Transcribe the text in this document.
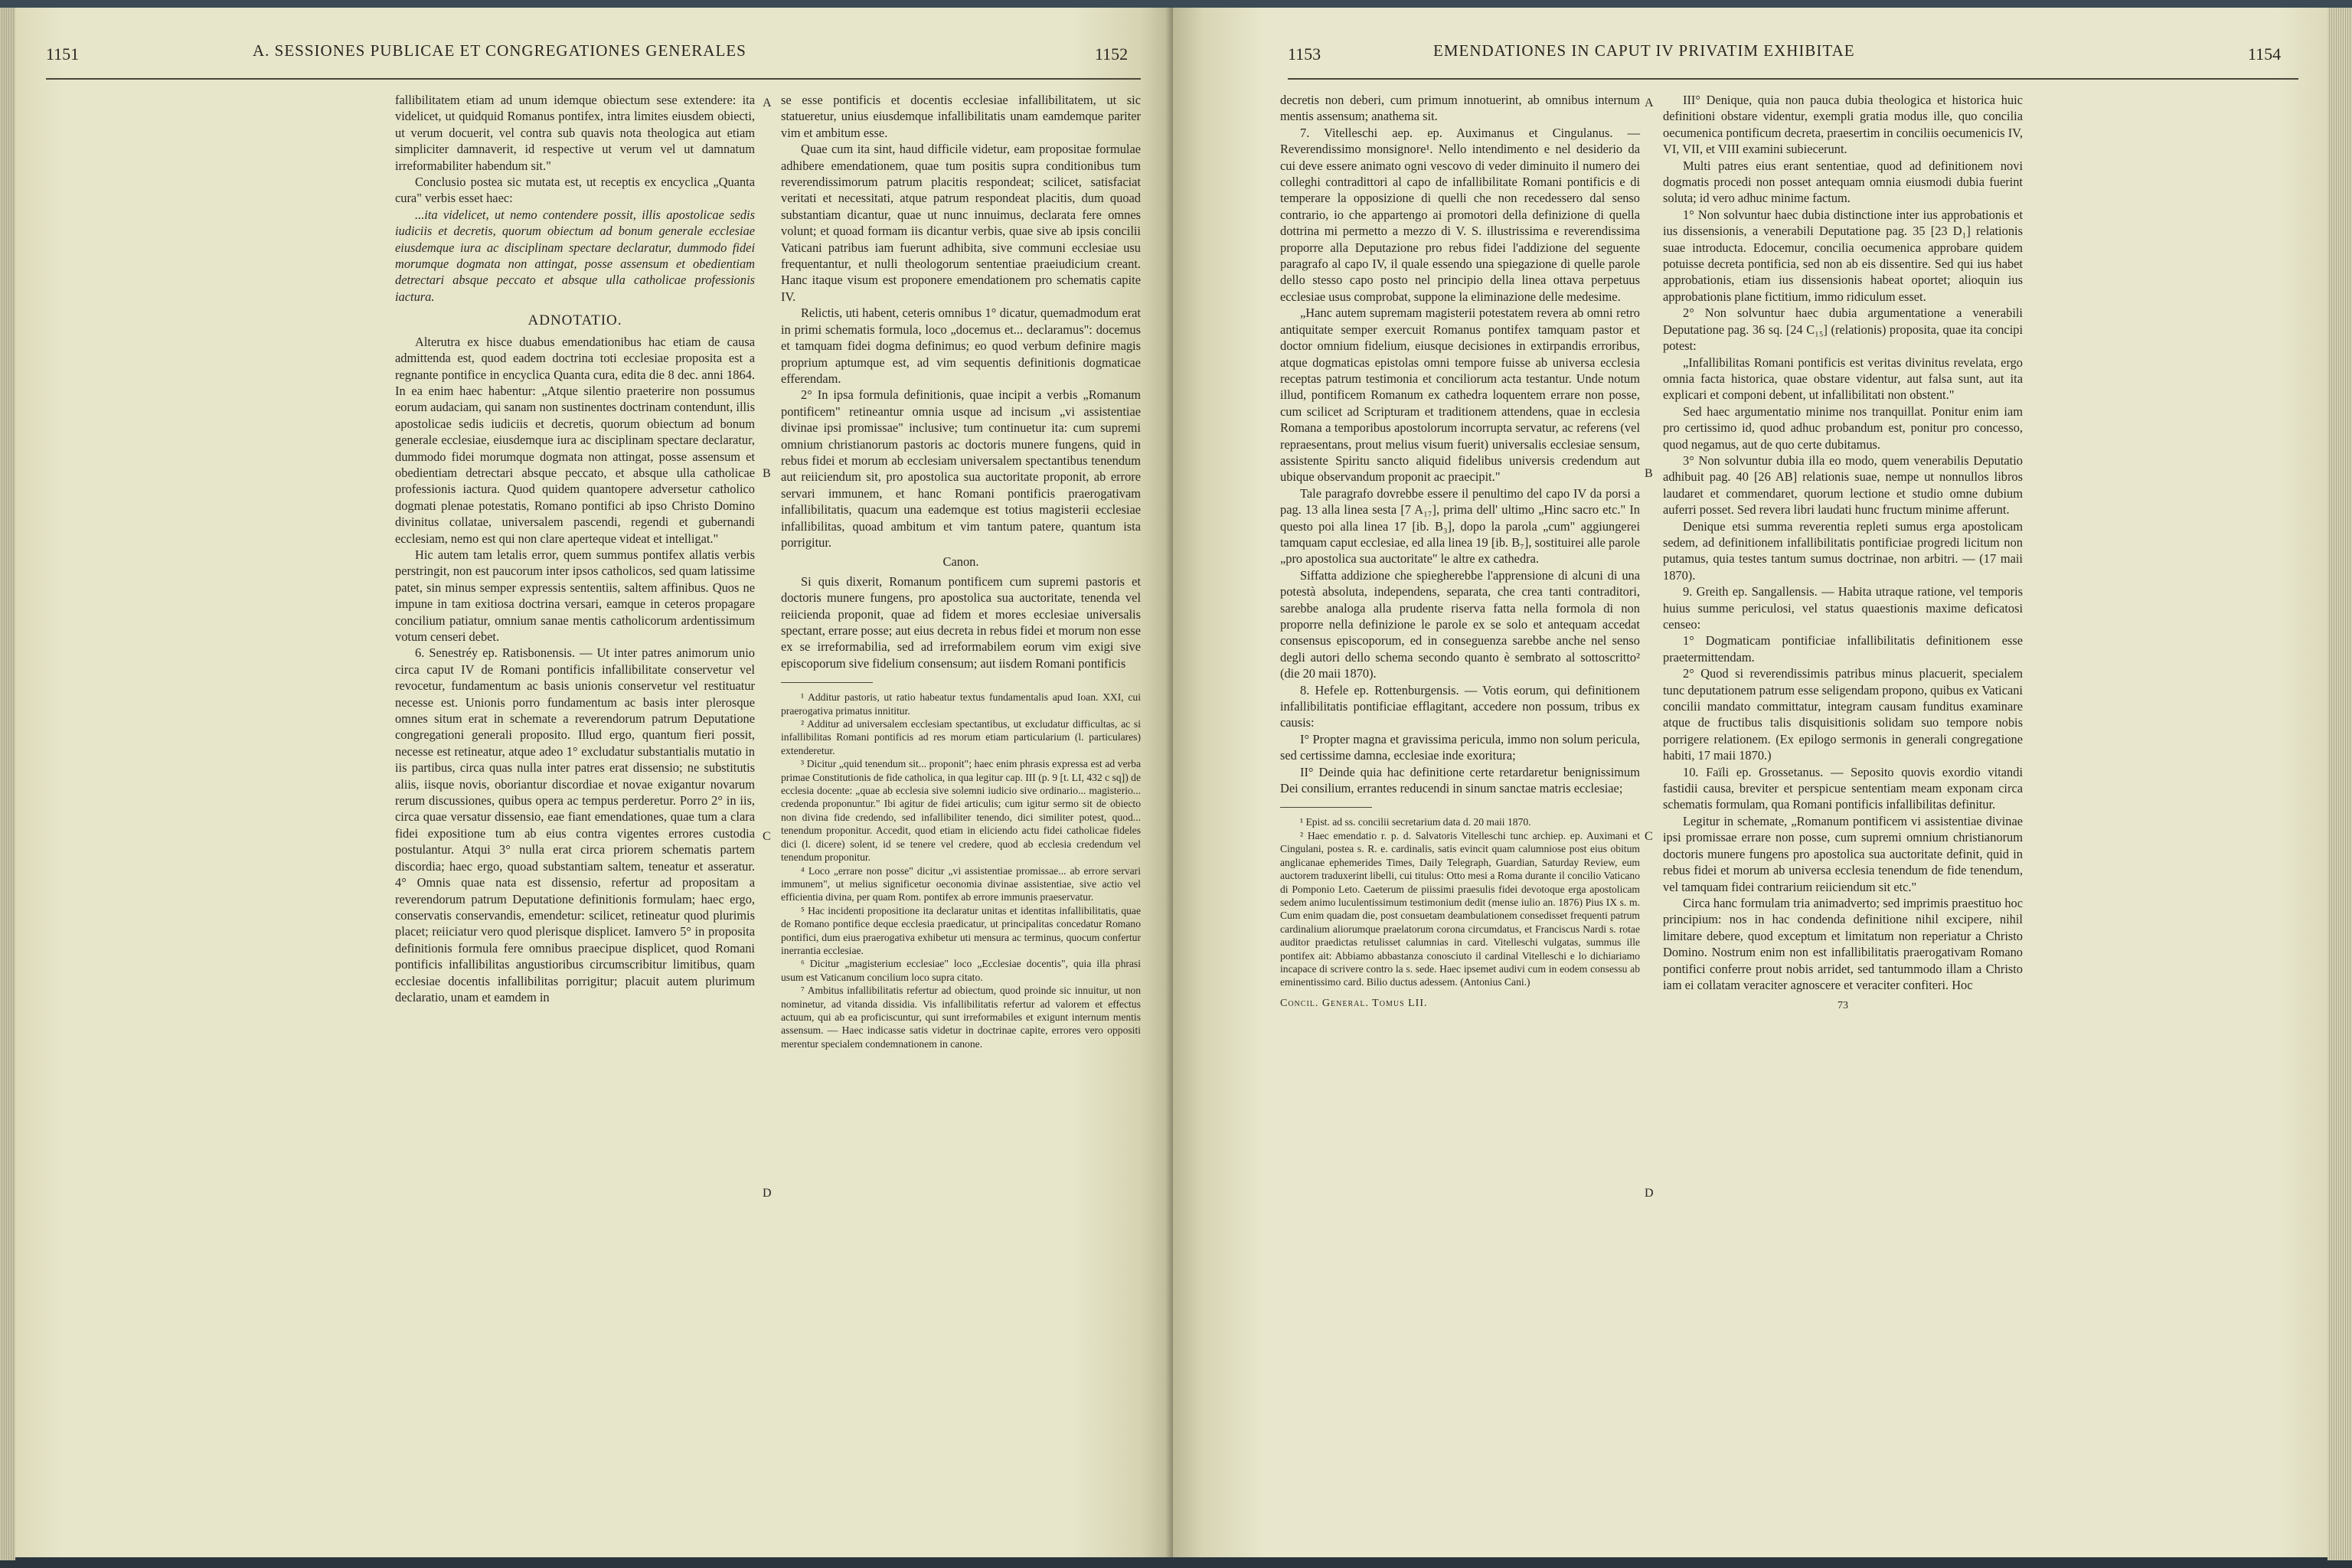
1151	A. SESSIONES PUBLICAE ET CONGREGATIONES GENERALES	1152
A
B
C
D

fallibilitatem etiam ad unum idemque obiectum sese extendere: ita videlicet, ut quidquid Romanus pontifex, intra limites eiusdem obiecti, ut verum docuerit, vel contra sub quavis nota theologica aut etiam simpliciter damnaverit, id respective ut verum vel ut damnatum irreformabiliter habendum sit."

Conclusio postea sic mutata est, ut receptis ex encyclica „Quanta cura" verbis esset haec:

...ita videlicet, ut nemo contendere possit, illis apostolicae sedis iudiciis et decretis, quorum obiectum ad bonum generale ecclesiae eiusdemque iura ac disciplinam spectare declaratur, dummodo fidei morumque dogmata non attingat, posse assensum et obedientiam detrectari absque peccato et absque ulla catholicae professionis iactura.

ADNOTATIO.

Alterutra ex hisce duabus emendationibus hac etiam de causa admittenda est, quod eadem doctrina toti ecclesiae proposita est a regnante pontifice in encyclica Quanta cura, edita die 8 dec. anni 1864. In ea enim haec habentur: „Atque silentio praeterire non possumus eorum audaciam, qui sanam non sustinentes doctrinam contendunt, illis apostolicae sedis iudiciis et decretis, quorum obiectum ad bonum generale ecclesiae, eiusdemque iura ac disciplinam spectare declaratur, dummodo fidei morumque dogmata non attingat, posse assensum et obedientiam detrectari absque peccato, et absque ulla catholicae professionis iactura. Quod quidem quantopere adversetur catholico dogmati plenae potestatis, Romano pontifici ab ipso Christo Domino divinitus collatae, universalem pascendi, regendi et gubernandi ecclesiam, nemo est qui non clare aperteque videat et intelligat."

Hic autem tam letalis error, quem summus pontifex allatis verbis perstringit, non est paucorum inter ipsos catholicos, sed quam latissime patet, sin minus semper expressis sententiis, saltem affinibus. Quos ne impune in tam exitiosa doctrina versari, eamque in ceteros propagare concilium patiatur, omnium sanae mentis catholicorum ardentissimum votum censeri debet.

6. Senestréy ep. Ratisbonensis. — Ut inter patres animorum unio circa caput IV de Romani pontificis infallibilitate conservetur vel revocetur, fundamentum ac basis unionis conservetur vel restituatur necesse est. Unionis porro fundamentum ac basis inter plerosque omnes situm erat in schemate a reverendorum patrum Deputatione congregationi generali proposito. Illud ergo, quantum fieri possit, necesse est retineatur, atque adeo 1° excludatur substantialis mutatio in iis partibus, circa quas nulla inter patres erat dissensio; ne substitutis aliis, iisque novis, oboriantur discordiae et novae exigantur novarum rerum discussiones, quibus opera ac tempus perderetur. Porro 2° in iis, circa quae versatur dissensio, eae fiant emendationes, quae tum a clara fidei expositione tum ab eius contra vigentes errores custodia postulantur. Atqui 3° nulla erat circa priorem schematis partem discordia; haec ergo, quoad substantiam saltem, teneatur et asseratur. 4° Omnis quae nata est dissensio, refertur ad propositam a reverendorum patrum Deputatione definitionis formulam; haec ergo, conservatis conservandis, emendetur: scilicet, retineatur quod plurimis placet; reiiciatur vero quod plerisque displicet. Iamvero 5° in proposita definitionis formula fere omnibus praecipue displicet, quod Romani pontificis infallibilitas angustioribus circumscribitur limitibus, quam ecclesiae docentis infallibilitas porrigitur; placuit autem plurimum declaratio, unam et eamdem in

se esse pontificis et docentis ecclesiae infallibilitatem, ut sic statueretur, unius eiusdemque infallibilitatis unam eamdemque pariter vim et ambitum esse.

Quae cum ita sint, haud difficile videtur, eam propositae formulae adhibere emendationem, quae tum positis supra conditionibus tum reverendissimorum patrum placitis respondeat; scilicet, satisfaciat veritati et necessitati, atque patrum respondeat placitis, dum quoad substantiam dicantur, quae ut nunc innuimus, declarata fere omnes volunt; et quoad formam iis dicantur verbis, quae sive ab ipsis concilii Vaticani patribus iam fuerunt adhibita, sive communi ecclesiae usu frequentantur, et nulli theologorum sententiae praeiudicium creant. Hanc itaque visum est proponere emendationem pro schematis capite IV.

Relictis, uti habent, ceteris omnibus 1° dicatur, quemadmodum erat in primi schematis formula, loco „docemus et... declaramus": docemus et tamquam fidei dogma definimus; eo quod verbum definire magis proprium aptumque est, ad vim sequentis definitionis dogmaticae efferendam.

2° In ipsa formula definitionis, quae incipit a verbis „Romanum pontificem" retineantur omnia usque ad incisum „vi assistentiae divinae ipsi promissae" inclusive; tum continuetur ita: cum supremi omnium christianorum pastoris ac doctoris munere fungens, quid in rebus fidei et morum ab ecclesiam universalem spectantibus tenendum aut reiiciendum sit, pro apostolica sua auctoritate proponit, ab errore servari immunem, et hanc Romani pontificis praerogativam infallibilitatis, quacum una eademque est totius magisterii ecclesiae infallibilitas, quoad ambitum et vim tantum patere, quantum ista porrigitur.

Canon.

Si quis dixerit, Romanum pontificem cum supremi pastoris et doctoris munere fungens, pro apostolica sua auctoritate, tenenda vel reiicienda proponit, quae ad fidem et mores ecclesiae universalis spectant, errare posse; aut eius decreta in rebus fidei et morum non esse ex se irreformabilia, sed ad irreformabilem eorum vim exigi sive episcoporum sive fidelium consensum; aut iisdem Romani pontificis

¹ Additur pastoris, ut ratio habeatur textus fundamentalis apud Ioan. XXI, cui praerogativa primatus innititur.

² Additur ad universalem ecclesiam spectantibus, ut excludatur difficultas, ac si infallibilitas Romani pontificis ad res morum etiam particularium (l. particulares) extenderetur.

³ Dicitur „quid tenendum sit... proponit"; haec enim phrasis expressa est ad verba primae Constitutionis de fide catholica, in qua legitur cap. III (p. 9 [t. LI, 432 c sq]) de ecclesia docente: „quae ab ecclesia sive solemni iudicio sive ordinario... magisterio... credenda proponuntur." Ibi agitur de fidei articulis; cum igitur sermo sit de obiecto non divina fide credendo, sed infallibiliter tenendo, dici similiter potest, quod... tenendum proponitur. Accedit, quod etiam in eliciendo actu fidei catholicae fideles dici (l. dicere) solent, id se tenere vel credere, quod ab ecclesia credendum vel tenendum proponitur.

⁴ Loco „errare non posse" dicitur „vi assistentiae promissae... ab errore servari immunem", ut melius significetur oeconomia divinae assistentiae, sive actio vel efficientia divina, per quam Rom. pontifex ab errore immunis praeservatur.

⁵ Hac incidenti propositione ita declaratur unitas et identitas infallibilitatis, quae de Romano pontifice deque ecclesia praedicatur, ut principalitas concedatur Romano pontifici, dum eius praerogativa exhibetur uti mensura ac terminus, quocum confertur inerrantia ecclesiae.

⁶ Dicitur „magisterium ecclesiae" loco „Ecclesiae docentis", quia illa phrasi usum est Vaticanum concilium loco supra citato.

⁷ Ambitus infallibilitatis refertur ad obiectum, quod proinde sic innuitur, ut non nominetur, ad vitanda dissidia. Vis infallibilitatis refertur ad valorem et effectus actuum, qui ab ea proficiscuntur, qui sunt irreformabiles et exigunt internum mentis assensum. — Haec indicasse satis videtur in doctrinae capite, errores vero oppositi merentur specialem condemnationem in canone.

1153	EMENDATIONES IN CAPUT IV PRIVATIM EXHIBITAE	1154
A
B
C
D

decretis non deberi, cum primum innotuerint, ab omnibus internum mentis assensum; anathema sit.

7. Vitelleschi aep. ep. Auximanus et Cingulanus. — Reverendissimo monsignore¹. Nello intendimento e nel desiderio da cui deve essere animato ogni vescovo di veder diminuito il numero dei colleghi contradittori al capo de infallibilitate Romani pontificis e di temperare la opposizione di quelli che non recedessero dal senso contrario, io che appartengo ai promotori della definizione di quella dottrina mi permetto a mezzo di V. S. illustrissima e reverendissima proporre alla Deputazione pro rebus fidei l'addizione del seguente paragrafo al capo IV, il quale essendo una spiegazione di quelle parole dello stesso capo posto nel principio della linea ottava perpetuus ecclesiae usus comprobat, suppone la eliminazione delle medesime.

„Hanc autem supremam magisterii potestatem revera ab omni retro antiquitate semper exercuit Romanus pontifex tamquam pastor et doctor omnium fidelium, eiusque decisiones in extirpandis erroribus, atque dogmaticas epistolas omni tempore fuisse ab universa ecclesia receptas patrum testimonia et conciliorum acta testantur. Unde notum illud, pontificem Romanum ex cathedra loquentem errare non posse, cum scilicet ad Scripturam et traditionem attendens, quae in ecclesia Romana a temporibus apostolorum incorrupta servatur, ac referens (vel repraesentans, prout melius visum fuerit) universalis ecclesiae sensum, assistente Spiritu sancto aliquid fidelibus universis credendum aut ubique observandum proponit ac praecipit."

Tale paragrafo dovrebbe essere il penultimo del capo IV da porsi a pag. 13 alla linea sesta [7 A₁₇], prima dell' ultimo „Hinc sacro etc." In questo poi alla linea 17 [ib. B₃], dopo la parola „cum" aggiungerei tamquam caput ecclesiae, ed alla linea 19 [ib. B₇], sostituirei alle parole „pro apostolica sua auctoritate" le altre ex cathedra.

Siffatta addizione che spiegherebbe l'apprensione di alcuni di una potestà absoluta, independens, separata, che crea tanti contraditori, sarebbe analoga alla prudente riserva fatta nella formola di non proporre nella definizione le parole ex se solo et antequam accedat consensus episcoporum, ed in conseguenza sarebbe anche nel senso degli autori dello schema secondo quanto è sembrato al sottoscritto² (die 20 maii 1870).

8. Hefele ep. Rottenburgensis. — Votis eorum, qui definitionem infallibilitatis pontificiae efflagitant, accedere non possum, tribus ex causis:

I° Propter magna et gravissima pericula, immo non solum pericula, sed certissime damna, ecclesiae inde exoritura;

II° Deinde quia hac definitione certe retardaretur benignissimum Dei consilium, errantes reducendi in sinum sanctae matris ecclesiae;

¹ Epist. ad ss. concilii secretarium data d. 20 maii 1870.

² Haec emendatio r. p. d. Salvatoris Vitelleschi tunc archiep. ep. Auximani et Cingulani, postea s. R. e. cardinalis, satis evincit quam calumniose post eius obitum anglicanae ephemerides Times, Daily Telegraph, Guardian, Saturday Review, eum auctorem traduxerint libelli, cui titulus: Otto mesi a Roma durante il concilio Vaticano di Pomponio Leto. Caeterum de piissimi praesulis fidei devotoque erga apostolicam sedem animo luculentissimum testimonium dedit (mense iulio an. 1876) Pius IX s. m. Cum enim quadam die, post consuetam deambulationem consedisset frequenti patrum cardinalium aliorumque praelatorum corona circumdatus, et Franciscus Nardi s. rotae auditor praedictas retulisset calumnias in card. Vitelleschi vulgatas, summus ille pontifex ait: Abbiamo abbastanza conosciuto il cardinal Vitelleschi e lo dichiariamo incapace di scrivere contro la s. sede. Haec ipsemet audivi cum in eodem consessu ab eminentissimo card. Bilio ductus adessem. (Antonius Cani.)

Concil. General. Tomus LII.

III° Denique, quia non pauca dubia theologica et historica huic definitioni obstare videntur, exempli gratia modus ille, quo concilia oecumenica pontificum decreta, praesertim in conciliis oecumenicis IV, VI, VII, et VIII examini subiecerunt.

Multi patres eius erant sententiae, quod ad definitionem novi dogmatis procedi non posset antequam omnia eiusmodi dubia fuerint soluta; id vero adhuc minime factum.

1° Non solvuntur haec dubia distinctione inter ius approbationis et ius dissensionis, a venerabili Deputatione pag. 35 [23 D₁] relationis suae introducta. Edocemur, concilia oecumenica approbare quidem potuisse decreta pontificia, sed non ab eis dissentire. Sed qui ius habet approbationis, etiam ius dissensionis habeat oportet; alioquin ius approbationis plane fictitium, immo ridiculum esset.

2° Non solvuntur haec dubia argumentatione a venerabili Deputatione pag. 36 sq. [24 C₁₅] (relationis) proposita, quae ita concipi potest:

„Infallibilitas Romani pontificis est veritas divinitus revelata, ergo omnia facta historica, quae obstare videntur, aut falsa sunt, aut ita explicari et componi debent, ut infallibilitati non obstent."

Sed haec argumentatio minime nos tranquillat. Ponitur enim iam pro certissimo id, quod adhuc probandum est, ponitur pro concesso, quod negamus, aut de quo certe dubitamus.

3° Non solvuntur dubia illa eo modo, quem venerabilis Deputatio adhibuit pag. 40 [26 AB] relationis suae, nempe ut nonnullos libros laudaret et commendaret, quorum lectione et studio omne dubium auferri posset. Sed revera libri laudati hunc fructum minime afferunt.

Denique etsi summa reverentia repleti sumus erga apostolicam sedem, ad definitionem infallibilitatis pontificiae progredi licitum non putamus, quia testes tantum sumus doctrinae, non arbitri. — (17 maii 1870).

9. Greith ep. Sangallensis. — Habita utraque ratione, vel temporis huius summe periculosi, vel status quaestionis maxime deficatosi censeo:

1° Dogmaticam pontificiae infallibilitatis definitionem esse praetermittendam.

2° Quod si reverendissimis patribus minus placuerit, specialem tunc deputationem patrum esse seligendam propono, quibus ex Vaticani concilii mandato committatur, integram causam funditus examinare atque de fructibus talis disquisitionis solidam suo tempore nobis porrigere relationem. (Ex epilogo sermonis in generali congregatione habiti, 17 maii 1870.)

10. Faïli ep. Grossetanus. — Seposito quovis exordio vitandi fastidii causa, breviter et perspicue sententiam meam exponam circa schematis formulam, qua Romani pontificis infallibilitas definitur.

Legitur in schemate, „Romanum pontificem vi assistentiae divinae ipsi promissae errare non posse, cum supremi omnium christianorum doctoris munere fungens pro apostolica sua auctoritate definit, quid in rebus fidei et morum ab universa ecclesia tenendum de fide tenendum, vel tamquam fidei contrarium reiiciendum sit etc."

Circa hanc formulam tria animadverto; sed imprimis praestituo hoc principium: nos in hac condenda definitione nihil excipere, nihil limitare debere, quod exceptum et limitatum non reperiatur a Christo Domino. Nostrum enim non est infallibilitatis praerogativam Romano pontifici conferre prout nobis arridet, sed tantummodo illam a Christo iam ei collatam veraciter agnoscere et veraciter confiteri. Hoc

73
